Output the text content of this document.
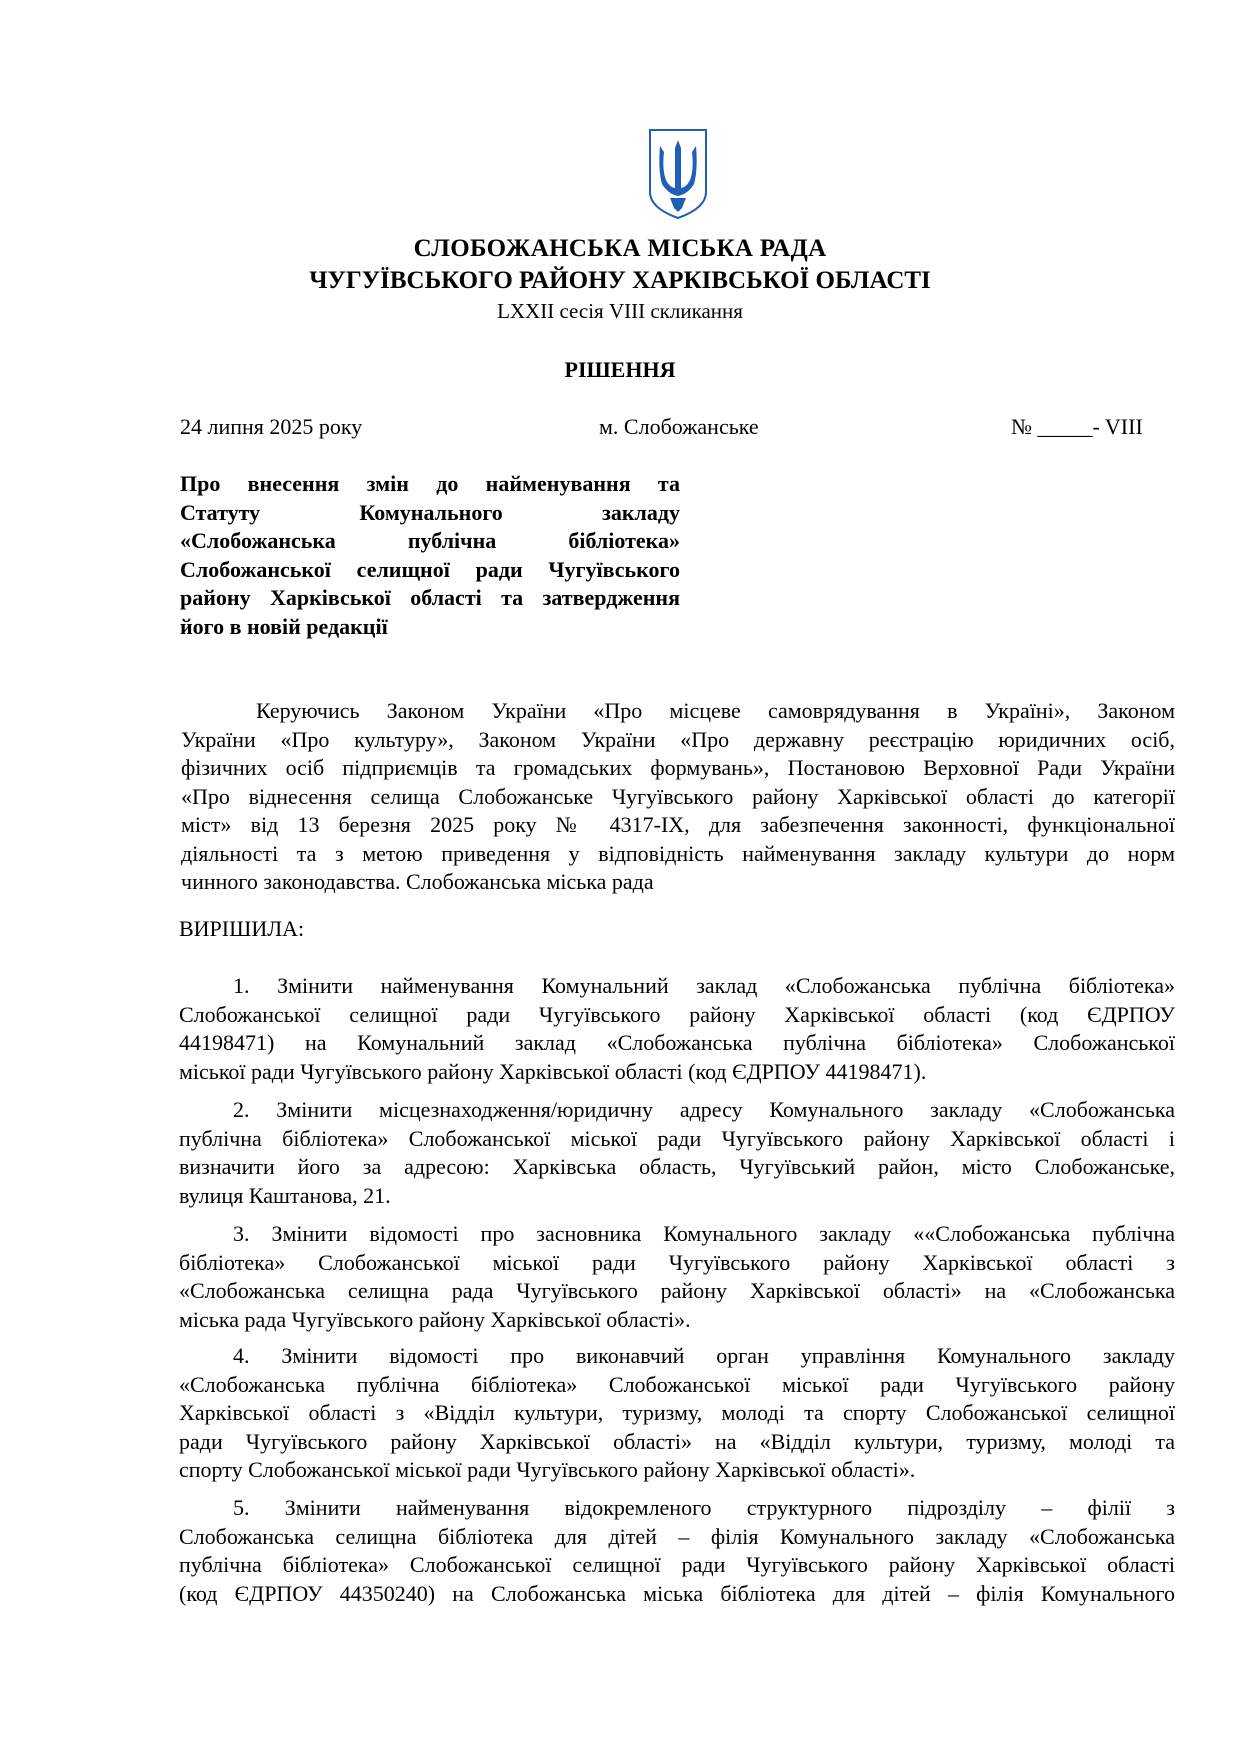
СЛОБОЖАНСЬКА МІСЬКА РАДА
ЧУГУЇВСЬКОГО РАЙОНУ ХАРКІВСЬКОЇ ОБЛАСТІ
LXXII сесія VIII скликання
РІШЕННЯ
24 липня 2025 року	м. Слобожанське	№ _____- VIII
Про внесення змін до найменування та
Статуту Комунального закладу
«Слобожанська публічна бібліотека»
Слобожанської селищної ради Чугуївського
району Харківської області та затвердження
його в новій редакції
Керуючись Законом України «Про місцеве самоврядування в Україні», Законом
України «Про культуру», Законом України «Про державну реєстрацію юридичних осіб,
фізичних осіб підприємців та громадських формувань», Постановою Верховної Ради України
«Про віднесення селища Слобожанське Чугуївського району Харківської області до категорії
міст» від 13 березня 2025 року № 4317-IX, для забезпечення законності, функціональної
діяльності та з метою приведення у відповідність найменування закладу культури до норм
чинного законодавства. Слобожанська міська рада
ВИРІШИЛА:
1. Змінити найменування Комунальний заклад «Слобожанська публічна бібліотека»
Слобожанської селищної ради Чугуївського району Харківської області (код ЄДРПОУ
44198471) на Комунальний заклад «Слобожанська публічна бібліотека» Слобожанської
міської ради Чугуївського району Харківської області (код ЄДРПОУ 44198471).
2. Змінити місцезнаходження/юридичну адресу Комунального закладу «Слобожанська
публічна бібліотека» Слобожанської міської ради Чугуївського району Харківської області і
визначити його за адресою: Харківська область, Чугуївський район, місто Слобожанське,
вулиця Каштанова, 21.
3. Змінити відомості про засновника Комунального закладу ««Слобожанська публічна
бібліотека» Слобожанської міської ради Чугуївського району Харківської області з
«Слобожанська селищна рада Чугуївського району Харківської області» на «Слобожанська
міська рада Чугуївського району Харківської області».
4. Змінити відомості про виконавчий орган управління Комунального закладу
«Слобожанська публічна бібліотека» Слобожанської міської ради Чугуївського району
Харківської області з «Відділ культури, туризму, молоді та спорту Слобожанської селищної
ради Чугуївського району Харківської області» на «Відділ культури, туризму, молоді та
спорту Слобожанської міської ради Чугуївського району Харківської області».
5. Змінити найменування відокремленого структурного підрозділу – філії з
Слобожанська селищна бібліотека для дітей – філія Комунального закладу «Слобожанська
публічна бібліотека» Слобожанської селищної ради Чугуївського району Харківської області
(код ЄДРПОУ 44350240) на Слобожанська міська бібліотека для дітей – філія Комунального
